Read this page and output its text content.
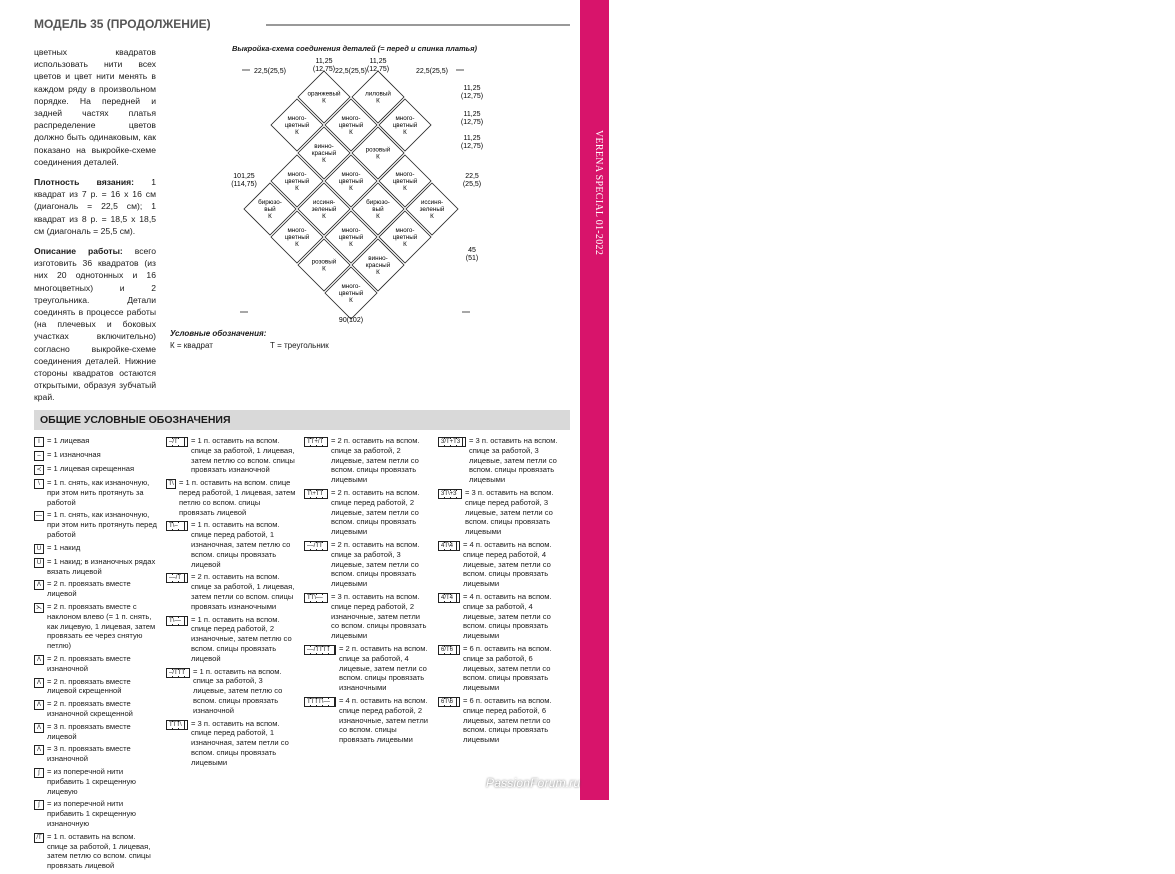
VERENA SPECIAL 01-2022
65
PassionForum.ru
МОДЕЛЬ 35 (ПРОДОЛЖЕНИЕ)

цветных квадратов использовать нити всех цветов и цвет нити менять в каждом ряду в произвольном порядке. На передней и задней частях платья распределение цветов должно быть одинаковым, как показано на выкройке-схеме соединения деталей.

Плотность вязания: 1 квадрат из 7 р. = 16 х 16 см (диагональ = 22,5 см); 1 квадрат из 8 р. = 18,5 х 18,5 см (диагональ = 25,5 см).

Описание работы: всего изготовить 36 квадратов (из них 20 однотонных и 16 многоцветных) и 2 треугольника. Детали соединять в процессе работы (на плечевых и боковых участках включительно) согласно выкройке-схеме соединения деталей. Нижние стороны квадратов остаются открытыми, образуя зубчатый край.

Выкройка-схема соединения деталей (= перед и спинка платья)
оранжевый
К
лиловый
К
много-
цветный
К
много-
цветный
К
много-
цветный
К
винно-
красный
К
розовый
К
много-
цветный
К
много-
цветный
К
много-
цветный
К
бирюзо-
вый
К
иссиня-
зеленый
К
бирюзо-
вый
К
иссиня-
зеленый
К
много-
цветный
К
много-
цветный
К
много-
цветный
К
розовый
К
винно-
красный
К
много-
цветный
К
22,5(25,5)
11,25
(12,75) 22,5(25,5)
11,25
(12,75)	22,5(25,5)
11,25
(12,75)
11,25
(12,75)
11,25
(12,75)
22,5
(25,5)
45
(51)
101,25
(114,75)
90(102)
Условные обозначения:
К = квадрат	Т = треугольник
ОБЩИЕ УСЛОВНЫЕ ОБОЗНАЧЕНИЯ
I = 1 лицевая
– = 1 изнаночная
≺ = 1 лицевая скрещенная
\ = 1 п. снять, как изнаночную, при этом нить протянуть за работой
— = 1 п. снять, как изнаночную, при этом нить протянуть перед работой
U = 1 накид
Ū = 1 накид; в изнаночных рядах вязать лицевой
Λ = 2 п. провязать вместе лицевой
⋋ = 2 п. провязать вместе с наклоном влево (= 1 п. снять, как лицевую, 1 лицевая, затем провязать ее через снятую петлю)
Λ = 2 п. провязать вместе изнаночной
Λ = 2 п. провязать вместе лицевой скрещенной
Λ = 2 п. провязать вместе изнаночной скрещенной
Λ = 3 п. провязать вместе лицевой
Λ = 3 п. провязать вместе изнаночной
∫ = из поперечной нити прибавить 1 скрещенную лицевую
∫ = из поперечной нити прибавить 1 скрещенную изнаночную
/T = 1 п. оставить на вспом. спице за работой, 1 лицевая, затем петлю со вспом. спицы провязать лицевой
–/T	= 1 п. оставить на вспом. спице за работой, 1 лицевая, затем петлю со вспом. спицы провязать изнаночной
T\ = 1 п. оставить на вспом. спице перед работой, 1 лицевая, затем петлю со вспом. спицы провязать лицевой
T\–	= 1 п. оставить на вспом. спице перед работой, 1 изнаночная, затем петлю со вспом. спицы провязать лицевой
––/T	= 2 п. оставить на вспом. спице за работой, 1 лицевая, затем петли со вспом. спицы провязать изнаночными
T\––	= 1 п. оставить на вспом. спице перед работой, 2 изнаночные, затем петлю со вспом. спицы провязать лицевой
–/TTT	= 1 п. оставить на вспом. спице за работой, 3 лицевые, затем петлю со вспом. спицы провязать изнаночной
TTT\	= 3 п. оставить на вспом. спице перед работой, 1 изнаночная, затем петли со вспом. спицы провязать лицевыми
TT+/T	= 2 п. оставить на вспом. спице за работой, 2 лицевые, затем петли со вспом. спицы провязать лицевыми
T\+TT	= 2 п. оставить на вспом. спице перед работой, 2 лицевые, затем петли со вспом. спицы провязать лицевыми
––/TT	= 2 п. оставить на вспом. спице за работой, 3 лицевые, затем петли со вспом. спицы провязать лицевыми
TT\––	= 3 п. оставить на вспом. спице перед работой, 2 изнаночные, затем петли со вспом. спицы провязать лицевыми
––/TTTT	= 2 п. оставить на вспом. спице за работой, 4 лицевые, затем петли со вспом. спицы провязать изнаночными
TTTT\––	= 4 п. оставить на вспом. спице перед работой, 2 изнаночные, затем петли со вспом. спицы провязать лицевыми
3/T+T3	= 3 п. оставить на вспом. спице за работой, 3 лицевые, затем петли со вспом. спицы провязать лицевыми
3T\+3	= 3 п. оставить на вспом. спице перед работой, 3 лицевые, затем петли со вспом. спицы провязать лицевыми
4T\4	= 4 п. оставить на вспом. спице перед работой, 4 лицевые, затем петли со вспом. спицы провязать лицевыми
4/T4	= 4 п. оставить на вспом. спице за работой, 4 лицевые, затем петли со вспом. спицы провязать лицевыми
6/T6	= 6 п. оставить на вспом. спице за работой, 6 лицевых, затем петли со вспом. спицы провязать лицевыми
6T\6	= 6 п. оставить на вспом. спице перед работой, 6 лицевых, затем петли со вспом. спицы провязать лицевыми
